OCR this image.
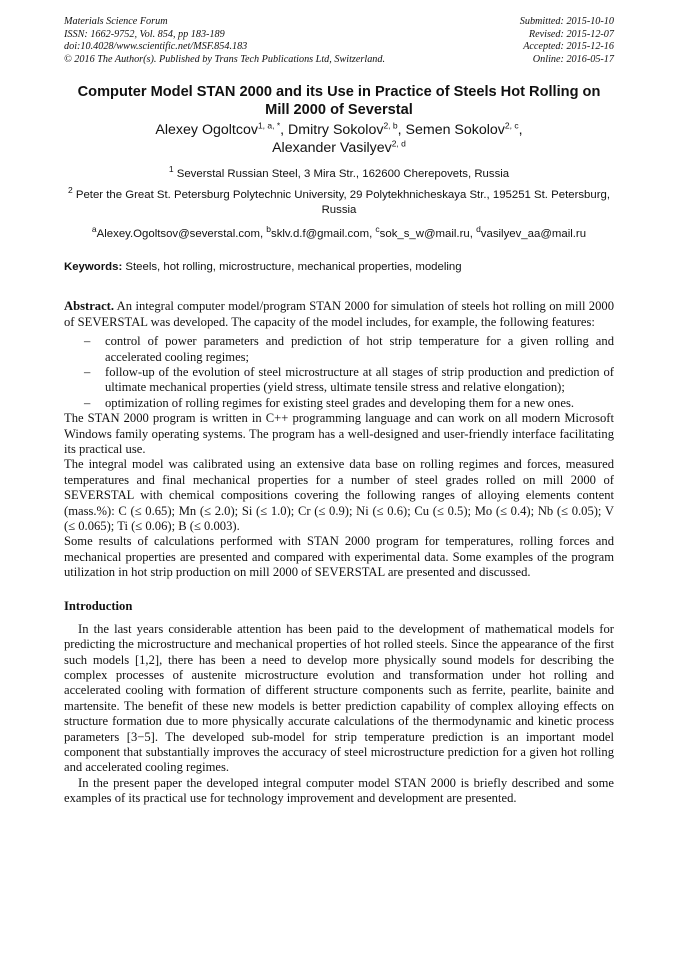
Materials Science Forum
ISSN: 1662-9752, Vol. 854, pp 183-189
doi:10.4028/www.scientific.net/MSF.854.183
© 2016 The Author(s). Published by Trans Tech Publications Ltd, Switzerland.
Submitted: 2015-10-10
Revised: 2015-12-07
Accepted: 2015-12-16
Online: 2016-05-17
Computer Model STAN 2000 and its Use in Practice of Steels Hot Rolling on Mill 2000 of Severstal
Alexey Ogoltcov$^{1, a, *}$, Dmitry Sokolov$^{2, b}$, Semen Sokolov$^{2, c}$,
Alexander Vasilyev$^{2, d}$
$^1$ Severstal Russian Steel, 3 Mira Str., 162600 Cherepovets, Russia
$^2$ Peter the Great St. Petersburg Polytechnic University, 29 Polytekhnicheskaya Str., 195251 St. Petersburg, Russia
$^a$Alexey.Ogoltsov@severstal.com, $^b$sklv.d.f@gmail.com, $^c$sok_s_w@mail.ru, $^d$vasilyev_aa@mail.ru
Keywords: Steels, hot rolling, microstructure, mechanical properties, modeling

Abstract. An integral computer model/program STAN 2000 for simulation of steels hot rolling on mill 2000 of SEVERSTAL was developed. The capacity of the model includes, for example, the following features:

– control of power parameters and prediction of hot strip temperature for a given rolling and accelerated cooling regimes;
– follow-up of the evolution of steel microstructure at all stages of strip production and prediction of ultimate mechanical properties (yield stress, ultimate tensile stress and relative elongation);
– optimization of rolling regimes for existing steel grades and developing them for a new ones.

The STAN 2000 program is written in C++ programming language and can work on all modern Microsoft Windows family operating systems. The program has a well-designed and user-friendly interface facilitating its practical use.

The integral model was calibrated using an extensive data base on rolling regimes and forces, measured temperatures and final mechanical properties for a number of steel grades rolled on mill 2000 of SEVERSTAL with chemical compositions covering the following ranges of alloying elements content (mass.%): C (≤ 0.65); Mn (≤ 2.0); Si (≤ 1.0); Cr (≤ 0.9); Ni (≤ 0.6); Cu (≤ 0.5); Mo (≤ 0.4); Nb (≤ 0.05); V (≤ 0.065); Ti (≤ 0.06); B (≤ 0.003).

Some results of calculations performed with STAN 2000 program for temperatures, rolling forces and mechanical properties are presented and compared with experimental data. Some examples of the program utilization in hot strip production on mill 2000 of SEVERSTAL are presented and discussed.

Introduction

In the last years considerable attention has been paid to the development of mathematical models for predicting the microstructure and mechanical properties of hot rolled steels. Since the appearance of the first such models [1,2], there has been a need to develop more physically sound models for describing the complex processes of austenite microstructure evolution and transformation under hot rolling and accelerated cooling with formation of different structure components such as ferrite, pearlite, bainite and martensite. The benefit of these new models is better prediction capability of complex alloying effects on structure formation due to more physically accurate calculations of the thermodynamic and kinetic process parameters [3−5]. The developed sub-model for strip temperature prediction is an important model component that substantially improves the accuracy of steel microstructure prediction for a given hot rolling and accelerated cooling regimes.

In the present paper the developed integral computer model STAN 2000 is briefly described and some examples of its practical use for technology improvement and development are presented.
